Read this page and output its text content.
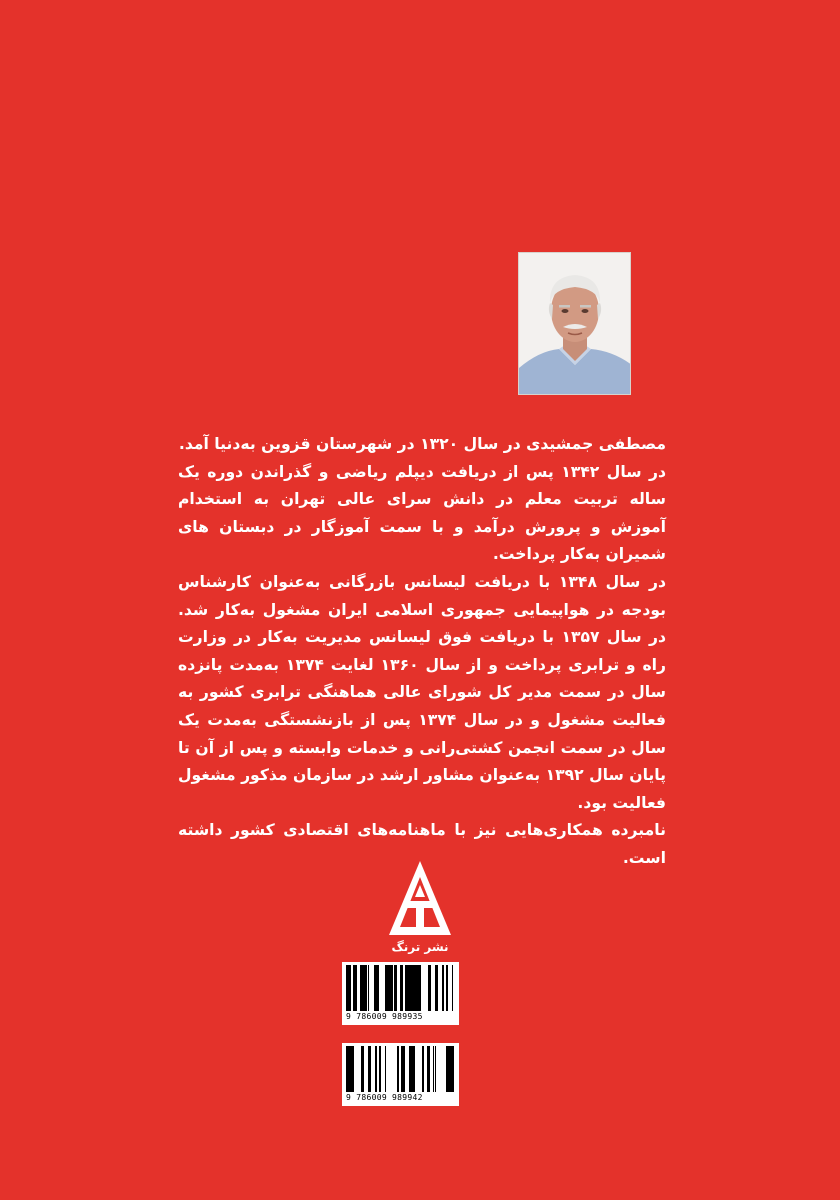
مصطفی جمشیدی در سال ۱۳۲۰ در شهرستان قزوین به‌دنیا آمد.

در سال ۱۳۴۲ پس از دریافت دیپلم ریاضی و گذراندن دوره یک ساله تربیت معلم در دانش سرای عالی تهران به استخدام آموزش و پرورش درآمد و با سمت آموزگار در دبستان های شمیران به‌کار پرداخت.

در سال ۱۳۴۸ با دریافت لیسانس بازرگانی به‌عنوان کارشناس بودجه در هواپیمایی جمهوری اسلامی ایران مشغول به‌کار شد. در سال ۱۳۵۷ با دریافت فوق لیسانس مدیریت به‌کار در وزارت راه و ترابری پرداخت و از سال ۱۳۶۰ لغایت ۱۳۷۴ به‌مدت پانزده سال در سمت مدیر کل شورای عالی هماهنگی ترابری کشور به فعالیت مشغول و در سال ۱۳۷۴ پس از بازنشستگی به‌مدت یک سال در سمت انجمن کشتی‌رانی و خدمات وابسته و پس از آن تا پایان سال ۱۳۹۲ به‌عنوان مشاور ارشد در سازمان مذکور مشغول فعالیت بود.

نامبرده همکاری‌هایی نیز با ماهنامه‌های اقتصادی کشور داشته است.

نشر ترنگ
9 786009 989935
9 786009 989942
